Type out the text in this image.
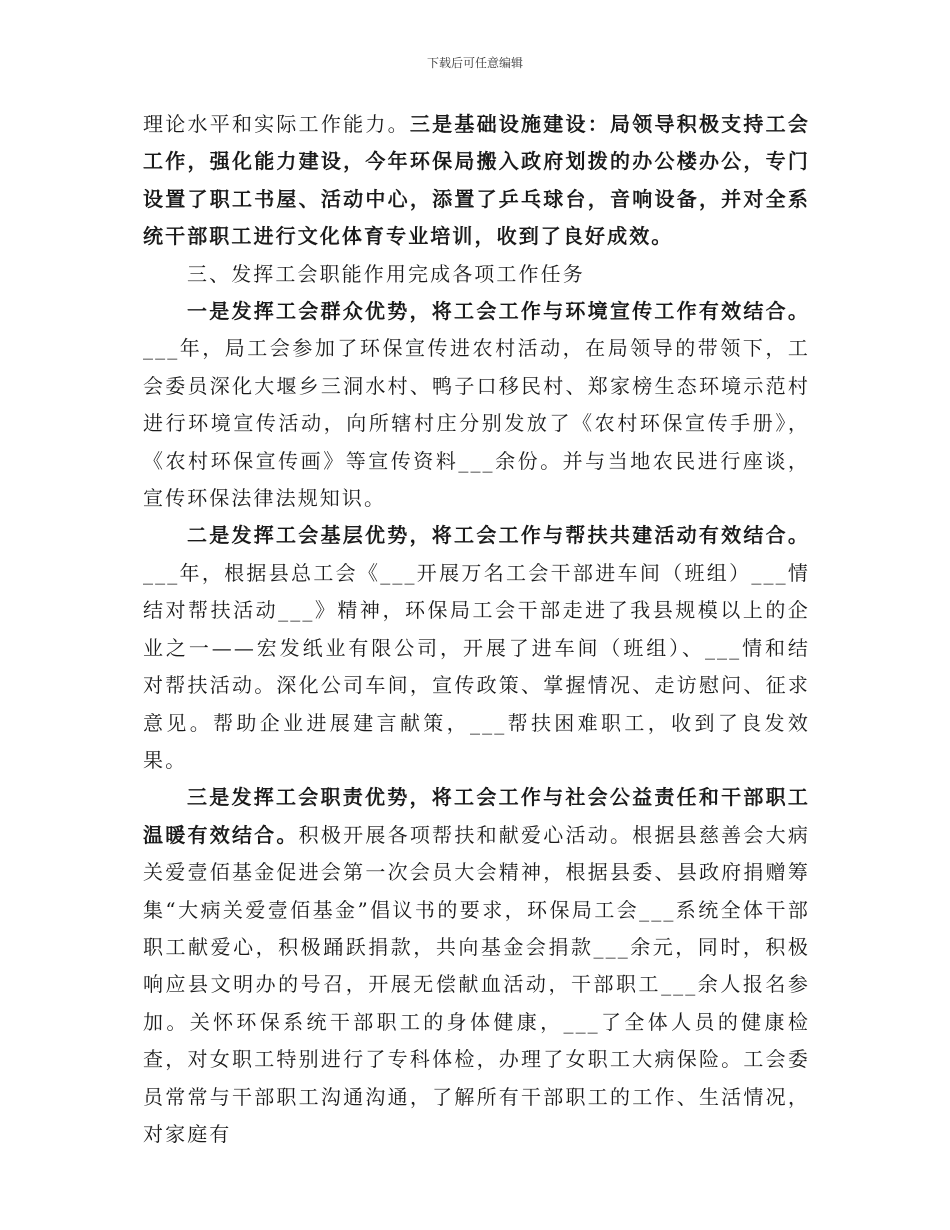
下载后可任意编辑

理论水平和实际工作能力。三是基础设施建设：局领导积极支持工会工作，强化能力建设，今年环保局搬入政府划拨的办公楼办公，专门设置了职工书屋、活动中心，添置了乒乓球台，音响设备，并对全系统干部职工进行文化体育专业培训，收到了良好成效。

三、发挥工会职能作用完成各项工作任务

一是发挥工会群众优势，将工会工作与环境宣传工作有效结合。___年，局工会参加了环保宣传进农村活动，在局领导的带领下，工会委员深化大堰乡三洞水村、鸭子口移民村、郑家榜生态环境示范村进行环境宣传活动，向所辖村庄分别发放了《农村环保宣传手册》，《农村环保宣传画》等宣传资料___余份。并与当地农民进行座谈，宣传环保法律法规知识。

二是发挥工会基层优势，将工会工作与帮扶共建活动有效结合。___年，根据县总工会《___开展万名工会干部进车间（班组）___情结对帮扶活动___》精神，环保局工会干部走进了我县规模以上的企业之一——宏发纸业有限公司，开展了进车间（班组）、___情和结对帮扶活动。深化公司车间，宣传政策、掌握情况、走访慰问、征求意见。帮助企业进展建言献策，___帮扶困难职工，收到了良发效果。

三是发挥工会职责优势，将工会工作与社会公益责任和干部职工温暖有效结合。积极开展各项帮扶和献爱心活动。根据县慈善会大病关爱壹佰基金促进会第一次会员大会精神，根据县委、县政府捐赠筹集“大病关爱壹佰基金”倡议书的要求，环保局工会___系统全体干部职工献爱心，积极踊跃捐款，共向基金会捐款___余元，同时，积极响应县文明办的号召，开展无偿献血活动，干部职工___余人报名参加。关怀环保系统干部职工的身体健康，___了全体人员的健康检查，对女职工特别进行了专科体检，办理了女职工大病保险。工会委员常常与干部职工沟通沟通，了解所有干部职工的工作、生活情况，对家庭有
